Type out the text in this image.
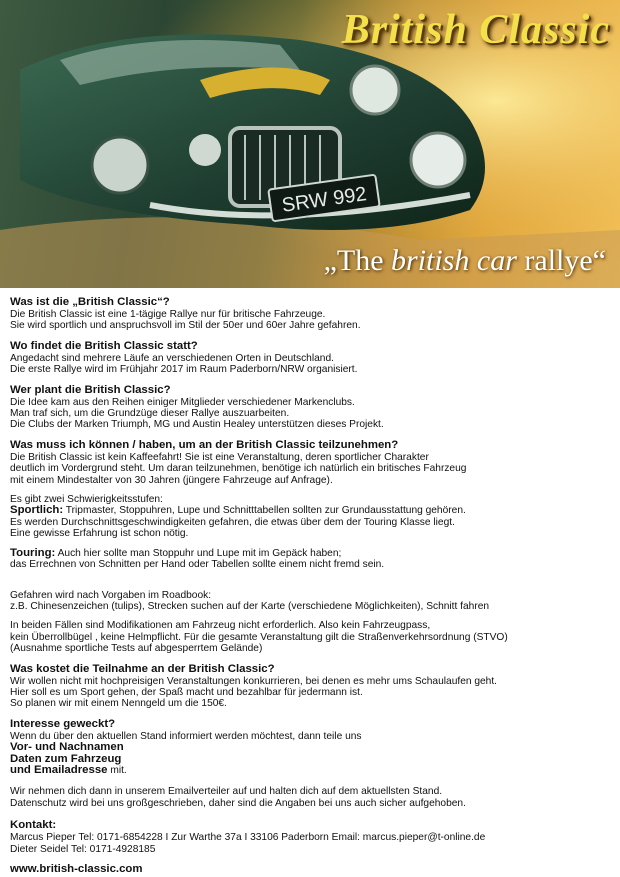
SRW 992
British Classic
„The british car rallye“
Was ist die „British Classic“?

Die British Classic ist eine 1-tägige Rallye nur für britische Fahrzeuge.

Sie wird sportlich und anspruchsvoll im Stil der 50er und 60er Jahre gefahren.

Wo findet die British Classic statt?

Angedacht sind mehrere Läufe an verschiedenen Orten in Deutschland.

Die erste Rallye wird im Frühjahr 2017 im Raum Paderborn/NRW organisiert.

Wer plant die British Classic?

Die Idee kam aus den Reihen einiger Mitglieder verschiedener Markenclubs.

Man traf sich, um die Grundzüge dieser Rallye auszuarbeiten.

Die Clubs der Marken Triumph, MG und Austin Healey unterstützen dieses Projekt.

Was muss ich können / haben, um an der British Classic teilzunehmen?

Die British Classic ist kein Kaffeefahrt! Sie ist eine Veranstaltung, deren sportlicher Charakter

deutlich im Vordergrund steht. Um daran teilzunehmen, benötige ich natürlich ein britisches Fahrzeug

mit einem Mindestalter von 30 Jahren (jüngere Fahrzeuge auf Anfrage).

Es gibt zwei Schwierigkeitsstufen:

Sportlich: Tripmaster, Stoppuhren, Lupe und Schnitttabellen sollten zur Grundausstattung gehören.

Es werden Durchschnittsgeschwindigkeiten gefahren, die etwas über dem der Touring Klasse liegt.

Eine gewisse Erfahrung ist schon nötig.

Touring: Auch hier sollte man Stoppuhr und Lupe mit im Gepäck haben;

das Errechnen von Schnitten per Hand oder Tabellen sollte einem nicht fremd sein.

Gefahren wird nach Vorgaben im Roadbook:

z.B. Chinesenzeichen (tulips), Strecken suchen auf der Karte (verschiedene Möglichkeiten), Schnitt fahren

In beiden Fällen sind Modifikationen am Fahrzeug nicht erforderlich. Also kein Fahrzeugpass,

kein Überrollbügel , keine Helmpflicht. Für die gesamte Veranstaltung gilt die Straßenverkehrsordnung (STVO)

(Ausnahme sportliche Tests auf abgesperrtem Gelände)

Was kostet die Teilnahme an der British Classic?

Wir wollen nicht mit hochpreisigen Veranstaltungen konkurrieren, bei denen es mehr ums Schaulaufen geht.

Hier soll es um Sport gehen, der Spaß macht und bezahlbar für jedermann ist.

So planen wir mit einem Nenngeld um die 150€.

Interesse geweckt?

Wenn du über den aktuellen Stand informiert werden möchtest, dann teile uns

Vor- und Nachnamen

Daten zum Fahrzeug

und Emailadresse mit.

Wir nehmen dich dann in unserem Emailverteiler auf und halten dich auf dem aktuellsten Stand.

Datenschutz wird bei uns großgeschrieben, daher sind die Angaben bei uns auch sicher aufgehoben.

Kontakt:

Marcus Pieper Tel: 0171-6854228 I Zur Warthe 37a I 33106 Paderborn Email: marcus.pieper@t-online.de

Dieter Seidel Tel: 0171-4928185

www.british-classic.com
